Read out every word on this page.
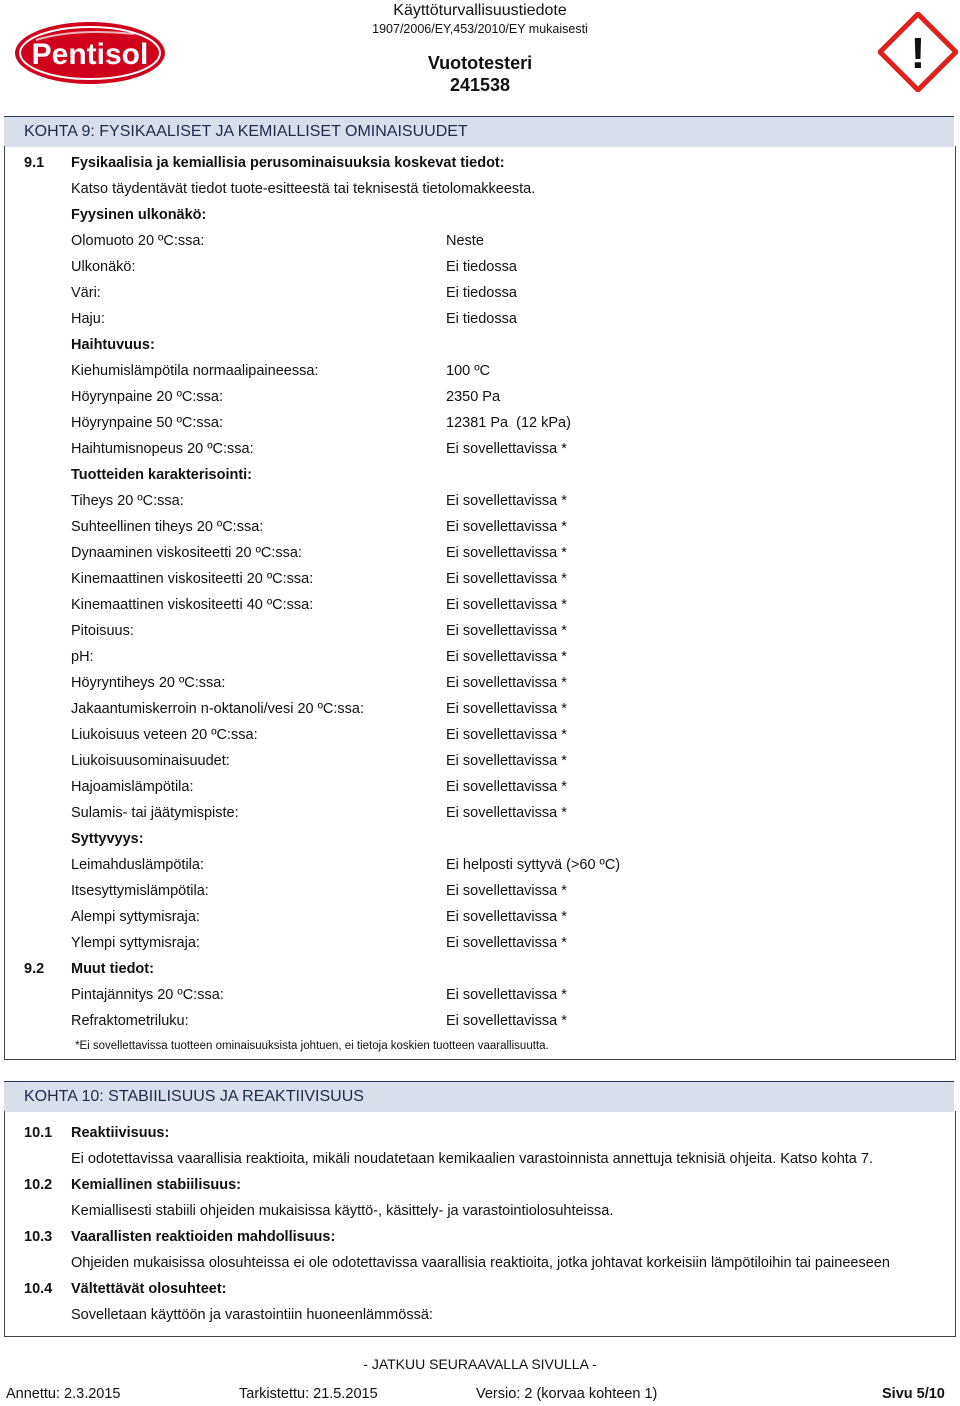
Pentisol
Käyttöturvallisuustiedote
1907/2006/EY,453/2010/EY mukaisesti
Vuototesteri
241538
!
KOHTA 9: FYSIKAALISET JA KEMIALLISET OMINAISUUDET
9.1 Fysikaalisia ja kemiallisia perusominaisuuksia koskevat tiedot:
Katso täydentävät tiedot tuote-esitteestä tai teknisestä tietolomakkeesta.
Fyysinen ulkonäkö:
Olomuoto 20 ºC:ssa:	Neste
Ulkonäkö:	Ei tiedossa
Väri:	Ei tiedossa
Haju:	Ei tiedossa
Haihtuvuus:
Kiehumislämpötila normaalipaineessa:	100 ºC
Höyrynpaine 20 ºC:ssa:	2350 Pa
Höyrynpaine 50 ºC:ssa:	12381 Pa  (12 kPa)
Haihtumisnopeus 20 ºC:ssa:	Ei sovellettavissa *
Tuotteiden karakterisointi:
Tiheys 20 ºC:ssa:	Ei sovellettavissa *
Suhteellinen tiheys 20 ºC:ssa:	Ei sovellettavissa *
Dynaaminen viskositeetti 20 ºC:ssa:	Ei sovellettavissa *
Kinemaattinen viskositeetti 20 ºC:ssa:	Ei sovellettavissa *
Kinemaattinen viskositeetti 40 ºC:ssa:	Ei sovellettavissa *
Pitoisuus:	Ei sovellettavissa *
pH:	Ei sovellettavissa *
Höyryntiheys 20 ºC:ssa:	Ei sovellettavissa *
Jakaantumiskerroin n-oktanoli/vesi 20 ºC:ssa:	Ei sovellettavissa *
Liukoisuus veteen 20 ºC:ssa:	Ei sovellettavissa *
Liukoisuusominaisuudet:	Ei sovellettavissa *
Hajoamislämpötila:	Ei sovellettavissa *
Sulamis- tai jäätymispiste:	Ei sovellettavissa *
Syttyvyys:
Leimahduslämpötila:	Ei helposti syttyvä (>60 ºC)
Itsesyttymislämpötila:	Ei sovellettavissa *
Alempi syttymisraja:	Ei sovellettavissa *
Ylempi syttymisraja:	Ei sovellettavissa *
9.2 Muut tiedot:
Pintajännitys 20 ºC:ssa:	Ei sovellettavissa *
Refraktometriluku:	Ei sovellettavissa *
*Ei sovellettavissa tuotteen ominaisuuksista johtuen, ei tietoja koskien tuotteen vaarallisuutta.
KOHTA 10: STABIILISUUS JA REAKTIIVISUUS
10.1 Reaktiivisuus:
Ei odotettavissa vaarallisia reaktioita, mikäli noudatetaan kemikaalien varastoinnista annettuja teknisiä ohjeita. Katso kohta 7.
10.2 Kemiallinen stabiilisuus:
Kemiallisesti stabiili ohjeiden mukaisissa käyttö-, käsittely- ja varastointiolosuhteissa.
10.3 Vaarallisten reaktioiden mahdollisuus:
Ohjeiden mukaisissa olosuhteissa ei ole odotettavissa vaarallisia reaktioita, jotka johtavat korkeisiin lämpötiloihin tai paineeseen
10.4 Vältettävät olosuhteet:
Sovelletaan käyttöön ja varastointiin huoneenlämmössä:
- JATKUU SEURAAVALLA SIVULLA -
Annettu: 2.3.2015	Tarkistettu: 21.5.2015	Versio: 2 (korvaa kohteen 1)	Sivu 5/10
